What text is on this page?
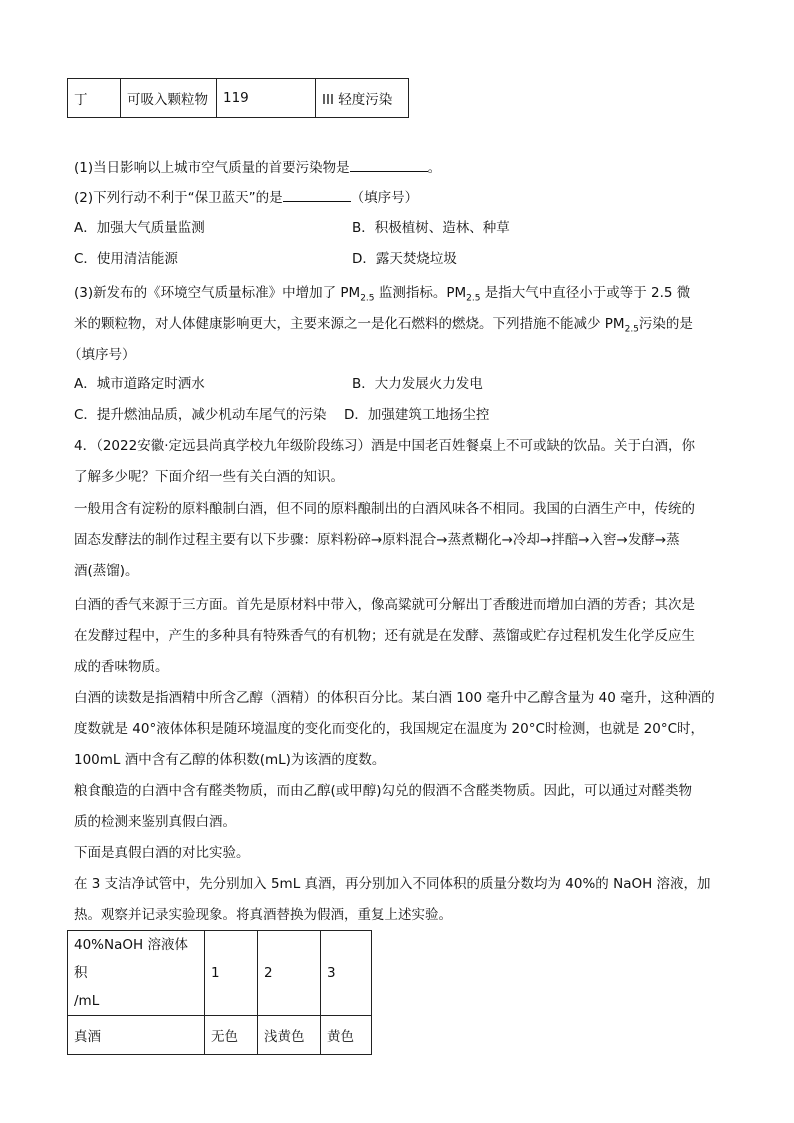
丁	可吸入颗粒物	119	III 轻度污染
(1)当日影响以上城市空气质量的首要污染物是	。
(2)下列行动不利于“保卫蓝天”的是	（填序号）
A．加强大气质量监测	B．积极植树、造林、种草
C．使用清洁能源	D．露天焚烧垃圾
(3)新发布的《环境空气质量标准》中增加了 $PM_{2.5}$ 监测指标。$PM_{2.5}$ 是指大气中直径小于或等于 2.5 微
米的颗粒物，对人体健康影响更大，主要来源之一是化石燃料的燃烧。下列措施不能减少 $PM_{2.5}$污染的是
（填序号）
A．城市道路定时洒水	B．大力发展火力发电
C．提升燃油品质，减少机动车尾气的污染 D．加强建筑工地扬尘控
4．（2022安徽·定远县尚真学校九年级阶段练习）酒是中国老百姓餐桌上不可或缺的饮品。关于白酒，你
了解多少呢？下面介绍一些有关白酒的知识。
一般用含有淀粉的原料酿制白酒，但不同的原料酿制出的白酒风味各不相同。我国的白酒生产中，传统的
固态发酵法的制作过程主要有以下步骤：原料粉碎→原料混合→蒸煮糊化→冷却→拌醅→入窖→发酵→蒸
酒(蒸馏)。
白酒的香气来源于三方面。首先是原材料中带入，像高粱就可分解出丁香酸进而增加白酒的芳香；其次是
在发酵过程中，产生的多种具有特殊香气的有机物；还有就是在发酵、蒸馏或贮存过程机发生化学反应生
成的香味物质。
白酒的读数是指酒精中所含乙醇（酒精）的体积百分比。某白酒 100 毫升中乙醇含量为 40 毫升，这种酒的
度数就是 40°液体体积是随环境温度的变化而变化的，我国规定在温度为 20°C时检测，也就是 20°C时，
100mL 酒中含有乙醇的体积数(mL)为该酒的度数。
粮食酿造的白酒中含有醛类物质，而由乙醇(或甲醇)勾兑的假酒不含醛类物质。因此，可以通过对醛类物
质的检测来鉴别真假白酒。
下面是真假白酒的对比实验。
在 3 支洁净试管中，先分别加入 5mL 真酒，再分别加入不同体积的质量分数均为 40%的 NaOH 溶液，加
热。观察并记录实验现象。将真酒替换为假酒，重复上述实验。
40%NaOH 溶液体积
/mL	1	2	3
真酒	无色	浅黄色	黄色
